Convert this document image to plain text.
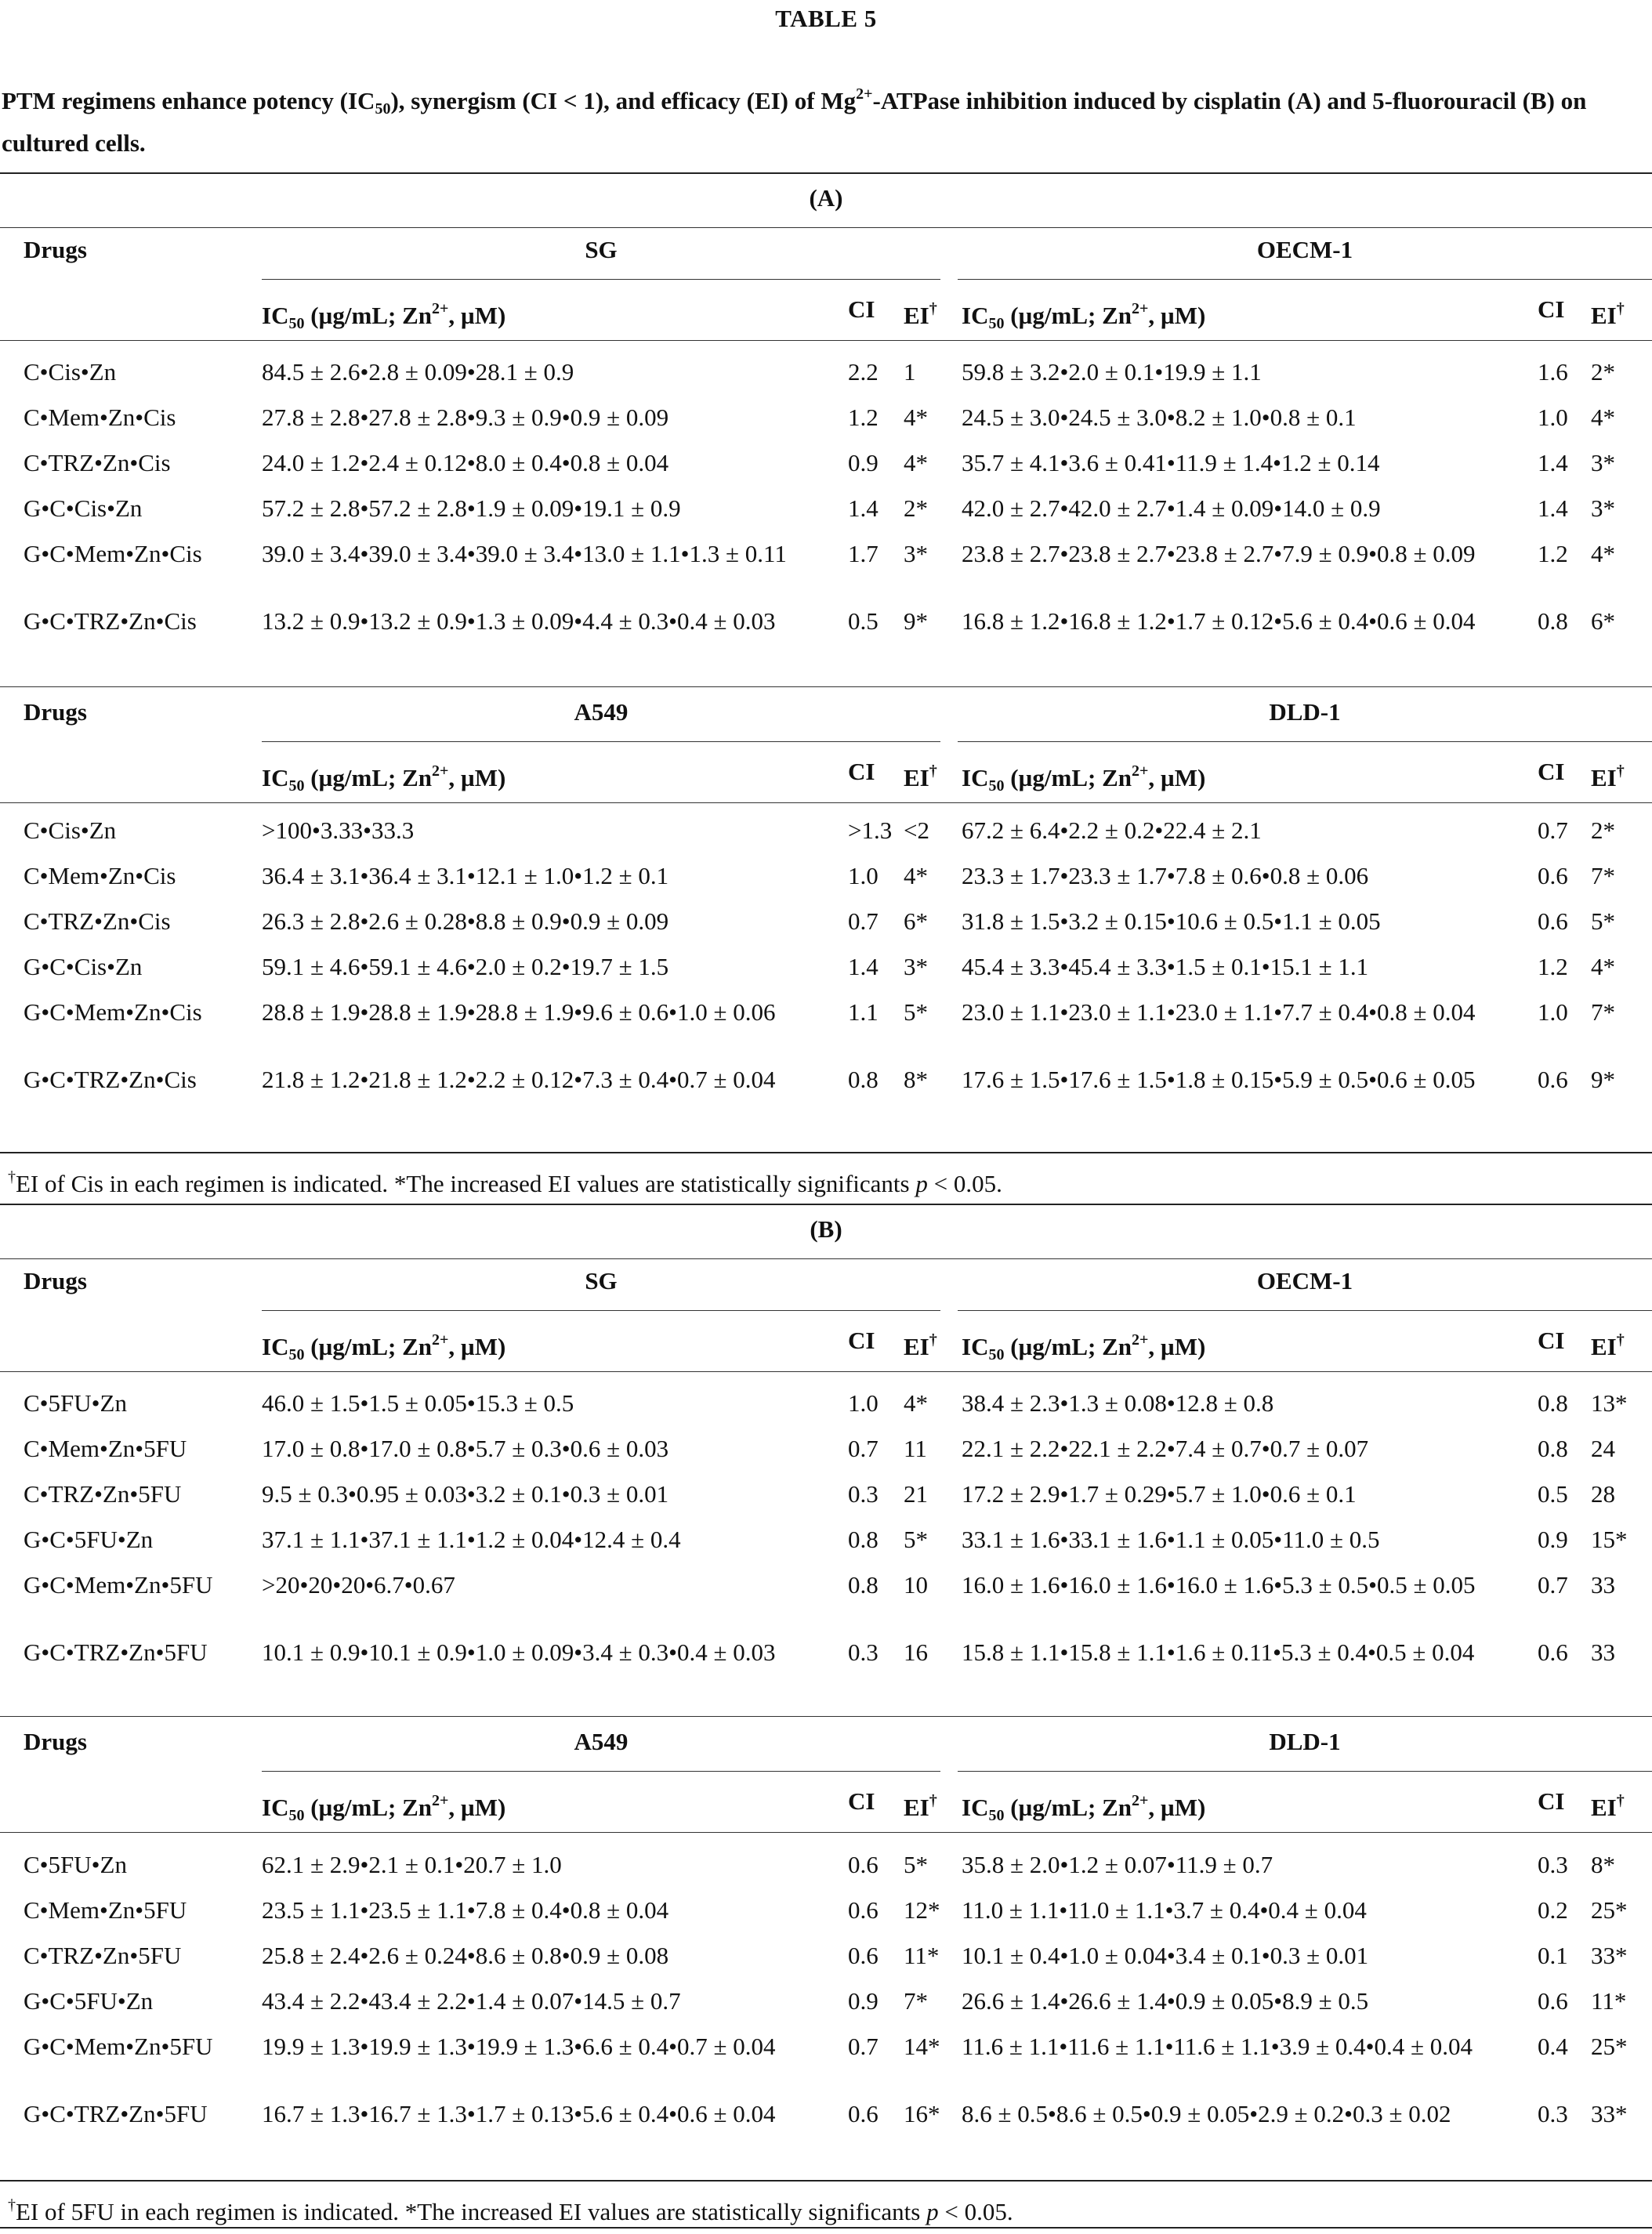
TABLE 5
PTM regimens enhance potency $(IC_{50})$, synergism (CI < 1), and efficacy (EI) of $Mg^{2+}$-ATPase inhibition induced by cisplatin (A) and 5-fluorouracil (B) on cultured cells.
(A)
Drugs	SG	OECM-1
$IC_{50}$ (µg/mL; $Zn^{2+}$, µM)	CI EI† $IC_{50}$ (µg/mL; $Zn^{2+}$, µM)	CI EI†
C•Cis•Zn	84.5 ± 2.6•2.8 ± 0.09•28.1 ± 0.9	2.2 1 59.8 ± 3.2•2.0 ± 0.1•19.9 ± 1.1	1.6 2*
C•Mem•Zn•Cis	27.8 ± 2.8•27.8 ± 2.8•9.3 ± 0.9•0.9 ± 0.09	1.2 4* 24.5 ± 3.0•24.5 ± 3.0•8.2 ± 1.0•0.8 ± 0.1	1.0 4*
C•TRZ•Zn•Cis	24.0 ± 1.2•2.4 ± 0.12•8.0 ± 0.4•0.8 ± 0.04	0.9 4* 35.7 ± 4.1•3.6 ± 0.41•11.9 ± 1.4•1.2 ± 0.14	1.4 3*
G•C•Cis•Zn	57.2 ± 2.8•57.2 ± 2.8•1.9 ± 0.09•19.1 ± 0.9	1.4 2* 42.0 ± 2.7•42.0 ± 2.7•1.4 ± 0.09•14.0 ± 0.9	1.4 3*
G•C•Mem•Zn•Cis 39.0 ± 3.4•39.0 ± 3.4•39.0 ± 3.4•13.0 ± 1.1•1.3 ± 0.11	1.7 3* 23.8 ± 2.7•23.8 ± 2.7•23.8 ± 2.7•7.9 ± 0.9•0.8 ± 0.09	1.2 4*
G•C•TRZ•Zn•Cis	13.2 ± 0.9•13.2 ± 0.9•1.3 ± 0.09•4.4 ± 0.3•0.4 ± 0.03	0.5 9* 16.8 ± 1.2•16.8 ± 1.2•1.7 ± 0.12•5.6 ± 0.4•0.6 ± 0.04	0.8 6*
Drugs	A549	DLD-1
$IC_{50}$ (µg/mL; $Zn^{2+}$, µM)	CI EI† $IC_{50}$ (µg/mL; $Zn^{2+}$, µM)	CI EI†
C•Cis•Zn	>100•3.33•33.3	>1.3 <2 67.2 ± 6.4•2.2 ± 0.2•22.4 ± 2.1	0.7 2*
C•Mem•Zn•Cis	36.4 ± 3.1•36.4 ± 3.1•12.1 ± 1.0•1.2 ± 0.1	1.0 4* 23.3 ± 1.7•23.3 ± 1.7•7.8 ± 0.6•0.8 ± 0.06	0.6 7*
C•TRZ•Zn•Cis	26.3 ± 2.8•2.6 ± 0.28•8.8 ± 0.9•0.9 ± 0.09	0.7 6* 31.8 ± 1.5•3.2 ± 0.15•10.6 ± 0.5•1.1 ± 0.05	0.6 5*
G•C•Cis•Zn	59.1 ± 4.6•59.1 ± 4.6•2.0 ± 0.2•19.7 ± 1.5	1.4 3* 45.4 ± 3.3•45.4 ± 3.3•1.5 ± 0.1•15.1 ± 1.1	1.2 4*
G•C•Mem•Zn•Cis 28.8 ± 1.9•28.8 ± 1.9•28.8 ± 1.9•9.6 ± 0.6•1.0 ± 0.06	1.1 5* 23.0 ± 1.1•23.0 ± 1.1•23.0 ± 1.1•7.7 ± 0.4•0.8 ± 0.04	1.0 7*
G•C•TRZ•Zn•Cis	21.8 ± 1.2•21.8 ± 1.2•2.2 ± 0.12•7.3 ± 0.4•0.7 ± 0.04	0.8 8* 17.6 ± 1.5•17.6 ± 1.5•1.8 ± 0.15•5.9 ± 0.5•0.6 ± 0.05	0.6 9*
†EI of Cis in each regimen is indicated. *The increased EI values are statistically significants p < 0.05.
(B)
Drugs	SG	OECM-1
$IC_{50}$ (µg/mL; $Zn^{2+}$, µM)	CI EI† $IC_{50}$ (µg/mL; $Zn^{2+}$, µM)	CI EI†
C•5FU•Zn	46.0 ± 1.5•1.5 ± 0.05•15.3 ± 0.5	1.0 4* 38.4 ± 2.3•1.3 ± 0.08•12.8 ± 0.8	0.8 13*
C•Mem•Zn•5FU	17.0 ± 0.8•17.0 ± 0.8•5.7 ± 0.3•0.6 ± 0.03	0.7 11 22.1 ± 2.2•22.1 ± 2.2•7.4 ± 0.7•0.7 ± 0.07	0.8 24
C•TRZ•Zn•5FU	9.5 ± 0.3•0.95 ± 0.03•3.2 ± 0.1•0.3 ± 0.01	0.3 21 17.2 ± 2.9•1.7 ± 0.29•5.7 ± 1.0•0.6 ± 0.1	0.5 28
G•C•5FU•Zn	37.1 ± 1.1•37.1 ± 1.1•1.2 ± 0.04•12.4 ± 0.4	0.8 5* 33.1 ± 1.6•33.1 ± 1.6•1.1 ± 0.05•11.0 ± 0.5	0.9 15*
G•C•Mem•Zn•5FU >20•20•20•6.7•0.67	0.8 10 16.0 ± 1.6•16.0 ± 1.6•16.0 ± 1.6•5.3 ± 0.5•0.5 ± 0.05	0.7 33
G•C•TRZ•Zn•5FU 10.1 ± 0.9•10.1 ± 0.9•1.0 ± 0.09•3.4 ± 0.3•0.4 ± 0.03	0.3 16 15.8 ± 1.1•15.8 ± 1.1•1.6 ± 0.11•5.3 ± 0.4•0.5 ± 0.04	0.6 33
Drugs	A549	DLD-1
$IC_{50}$ (µg/mL; $Zn^{2+}$, µM)	CI EI† $IC_{50}$ (µg/mL; $Zn^{2+}$, µM)	CI EI†
C•5FU•Zn	62.1 ± 2.9•2.1 ± 0.1•20.7 ± 1.0	0.6 5* 35.8 ± 2.0•1.2 ± 0.07•11.9 ± 0.7	0.3 8*
C•Mem•Zn•5FU	23.5 ± 1.1•23.5 ± 1.1•7.8 ± 0.4•0.8 ± 0.04	0.6 12* 11.0 ± 1.1•11.0 ± 1.1•3.7 ± 0.4•0.4 ± 0.04	0.2 25*
C•TRZ•Zn•5FU	25.8 ± 2.4•2.6 ± 0.24•8.6 ± 0.8•0.9 ± 0.08	0.6 11* 10.1 ± 0.4•1.0 ± 0.04•3.4 ± 0.1•0.3 ± 0.01	0.1 33*
G•C•5FU•Zn	43.4 ± 2.2•43.4 ± 2.2•1.4 ± 0.07•14.5 ± 0.7	0.9 7* 26.6 ± 1.4•26.6 ± 1.4•0.9 ± 0.05•8.9 ± 0.5	0.6 11*
G•C•Mem•Zn•5FU 19.9 ± 1.3•19.9 ± 1.3•19.9 ± 1.3•6.6 ± 0.4•0.7 ± 0.04	0.7 14* 11.6 ± 1.1•11.6 ± 1.1•11.6 ± 1.1•3.9 ± 0.4•0.4 ± 0.04	0.4 25*
G•C•TRZ•Zn•5FU 16.7 ± 1.3•16.7 ± 1.3•1.7 ± 0.13•5.6 ± 0.4•0.6 ± 0.04	0.6 16* 8.6 ± 0.5•8.6 ± 0.5•0.9 ± 0.05•2.9 ± 0.2•0.3 ± 0.02	0.3 33*
†EI of 5FU in each regimen is indicated. *The increased EI values are statistically significants p < 0.05.
